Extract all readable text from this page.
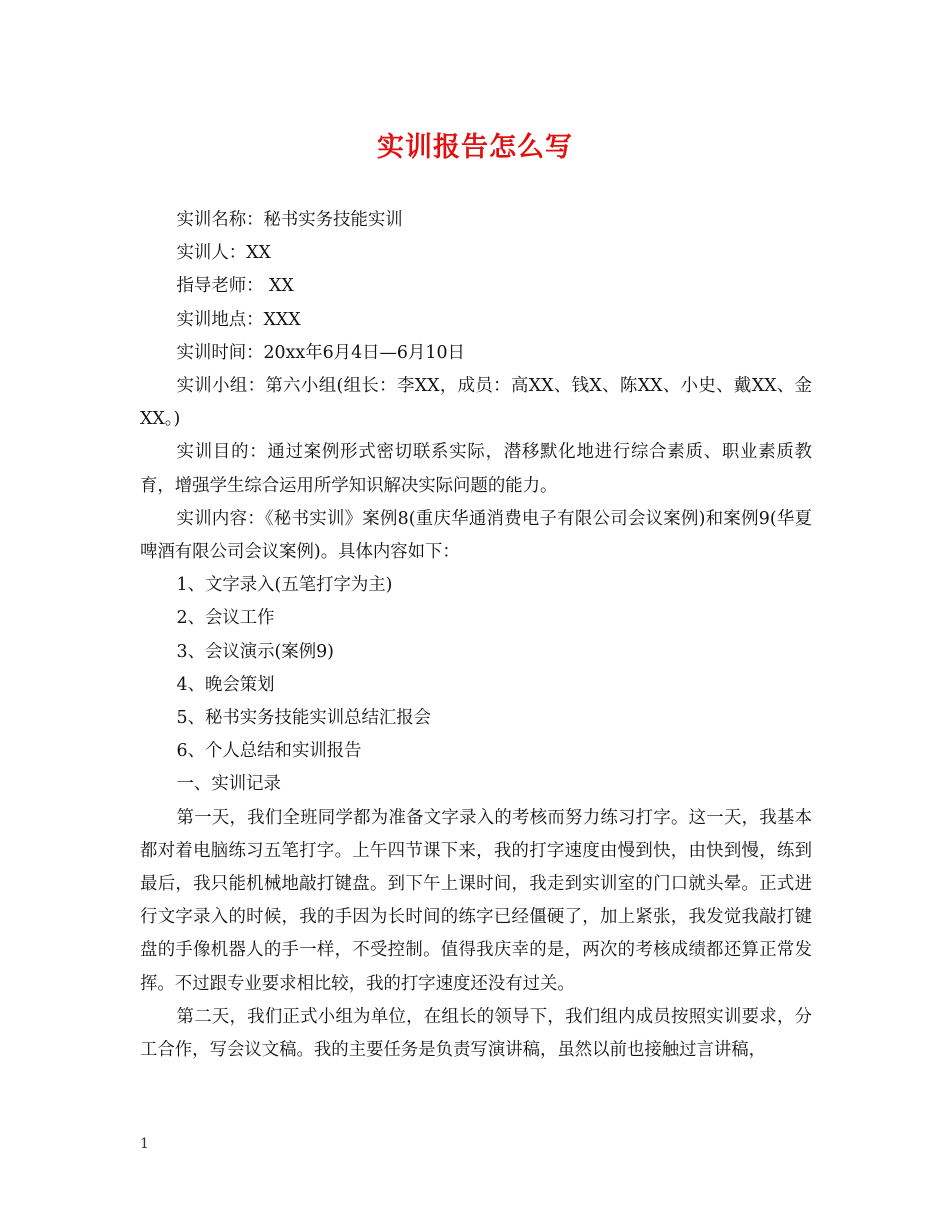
实训报告怎么写

实训名称：秘书实务技能实训

实训人：XX

指导老师： XX

实训地点：XXX

实训时间：20xx年6月4日—6月10日

实训小组：第六小组(组长：李XX，成员：高XX、钱X、陈XX、小史、戴XX、金XX。)

实训目的：通过案例形式密切联系实际，潜移默化地进行综合素质、职业素质教育，增强学生综合运用所学知识解决实际问题的能力。

实训内容：《秘书实训》案例8(重庆华通消费电子有限公司会议案例)和案例9(华夏啤酒有限公司会议案例)。具体内容如下：

1、文字录入(五笔打字为主)

2、会议工作

3、会议演示(案例9)

4、晚会策划

5、秘书实务技能实训总结汇报会

6、个人总结和实训报告

一、实训记录

第一天，我们全班同学都为准备文字录入的考核而努力练习打字。这一天，我基本都对着电脑练习五笔打字。上午四节课下来，我的打字速度由慢到快，由快到慢，练到最后，我只能机械地敲打键盘。到下午上课时间，我走到实训室的门口就头晕。正式进行文字录入的时候，我的手因为长时间的练字已经僵硬了，加上紧张，我发觉我敲打键盘的手像机器人的手一样，不受控制。值得我庆幸的是，两次的考核成绩都还算正常发挥。不过跟专业要求相比较，我的打字速度还没有过关。

第二天，我们正式小组为单位，在组长的领导下，我们组内成员按照实训要求，分工合作，写会议文稿。我的主要任务是负责写演讲稿，虽然以前也接触过言讲稿，

1
